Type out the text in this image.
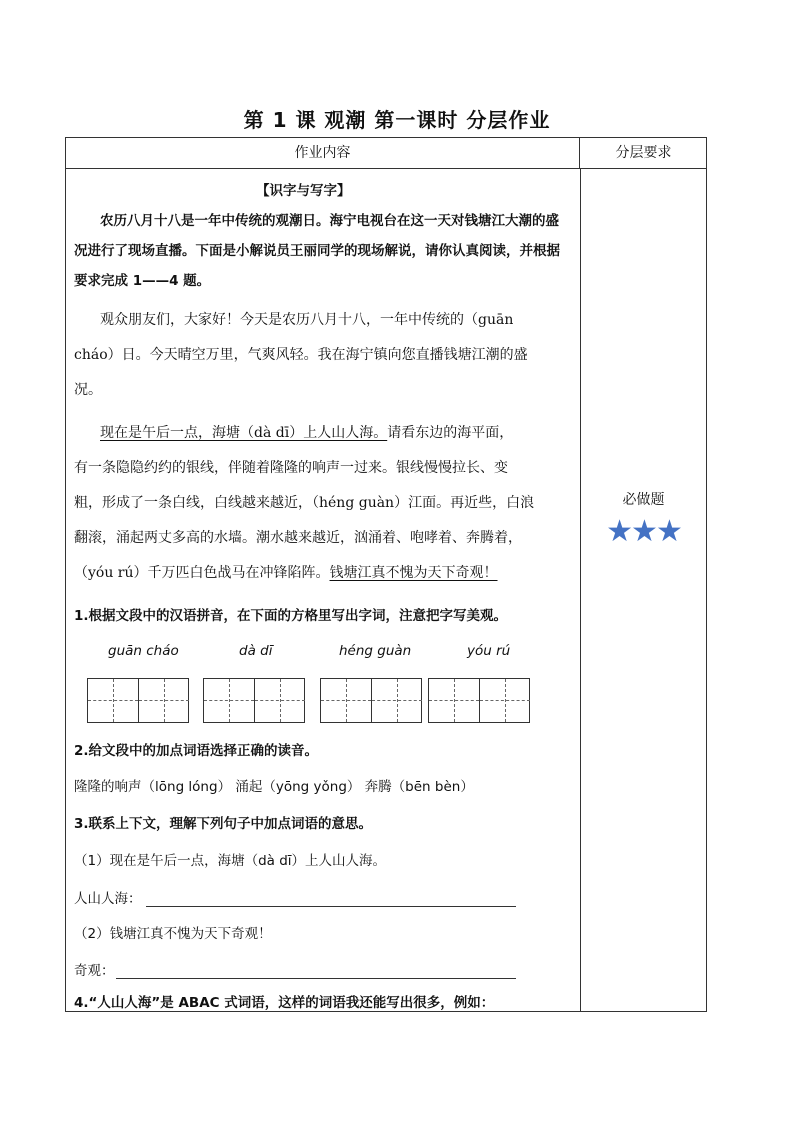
第 1 课 观潮 第一课时 分层作业
作业内容	分层要求
【识字与写字】
农历八月十八是一年中传统的观潮日。海宁电视台在这一天对钱塘江大潮的盛
况进行了现场直播。下面是小解说员王丽同学的现场解说，请你认真阅读，并根据
要求完成 1——4 题。
观众朋友们，大家好！今天是农历八月十八，一年中传统的（guān
cháo）日。今天晴空万里，气爽风轻。我在海宁镇向您直播钱塘江潮的盛
况。
现在是午后一点，海塘（dà dī）上人山人海。请看东边的海平面，
有一条隐隐约约的银线，伴随着隆隆的响声一过来。银线慢慢拉长、变
粗，形成了一条白线，白线越来越近，（héng guàn）江面。再近些，白浪
翻滚，涌起两丈多高的水墙。潮水越来越近，汹涌着、咆哮着、奔腾着，
（yóu rú）千万匹白色战马在冲锋陷阵。钱塘江真不愧为天下奇观！
1.根据文段中的汉语拼音，在下面的方格里写出字词，注意把字写美观。
guān cháo	dà dī	héng guàn	yóu rú
2.给文段中的加点词语选择正确的读音。
隆隆的响声（lōng lóng） 涌起（yōng yǒng） 奔腾（bēn bèn）
3.联系上下文，理解下列句子中加点词语的意思。
（1）现在是午后一点，海塘（dà dī）上人山人海。
人山人海：
（2）钱塘江真不愧为天下奇观！
奇观：
4.“人山人海”是 ABAC 式词语，这样的词语我还能写出很多，例如：
必做题
★★★
